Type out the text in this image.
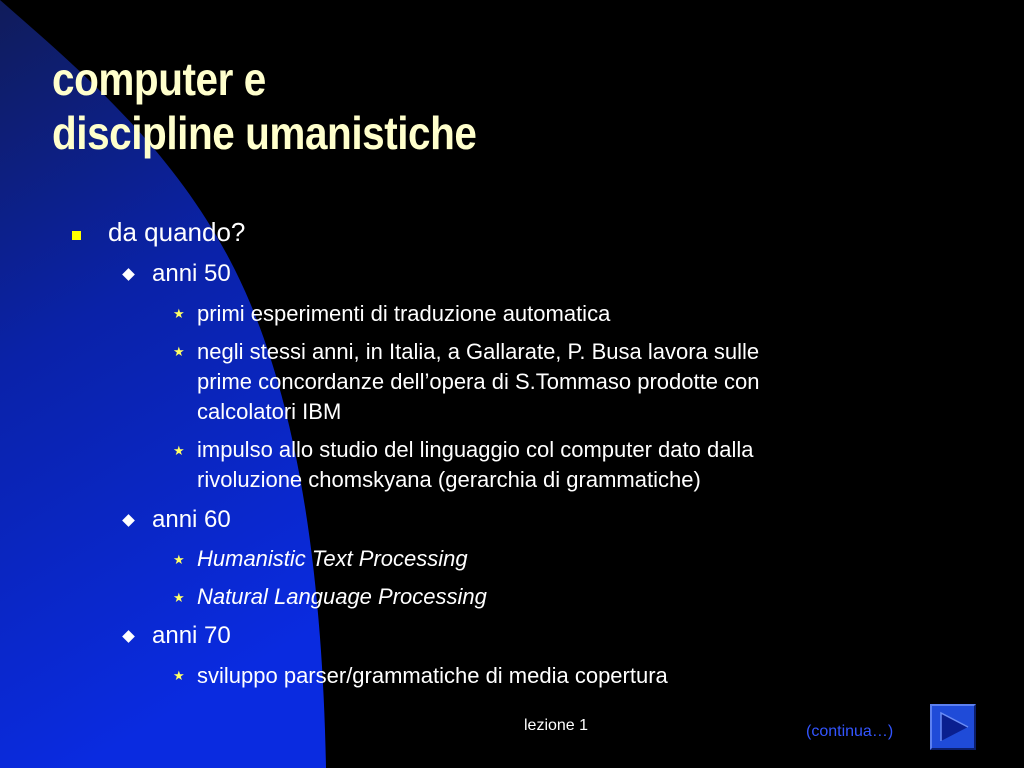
computer e
discipline umanistiche
da quando?
anni 50
★ primi esperimenti di traduzione automatica
★ negli stessi anni, in Italia, a Gallarate, P. Busa lavora sulle
prime concordanze dell’opera di S.Tommaso prodotte con
calcolatori IBM
★ impulso allo studio del linguaggio col computer dato dalla
rivoluzione chomskyana (gerarchia di grammatiche)
anni 60
★ Humanistic Text Processing
★ Natural Language Processing
anni 70
★ sviluppo parser/grammatiche di media copertura
lezione 1	(continua…)
